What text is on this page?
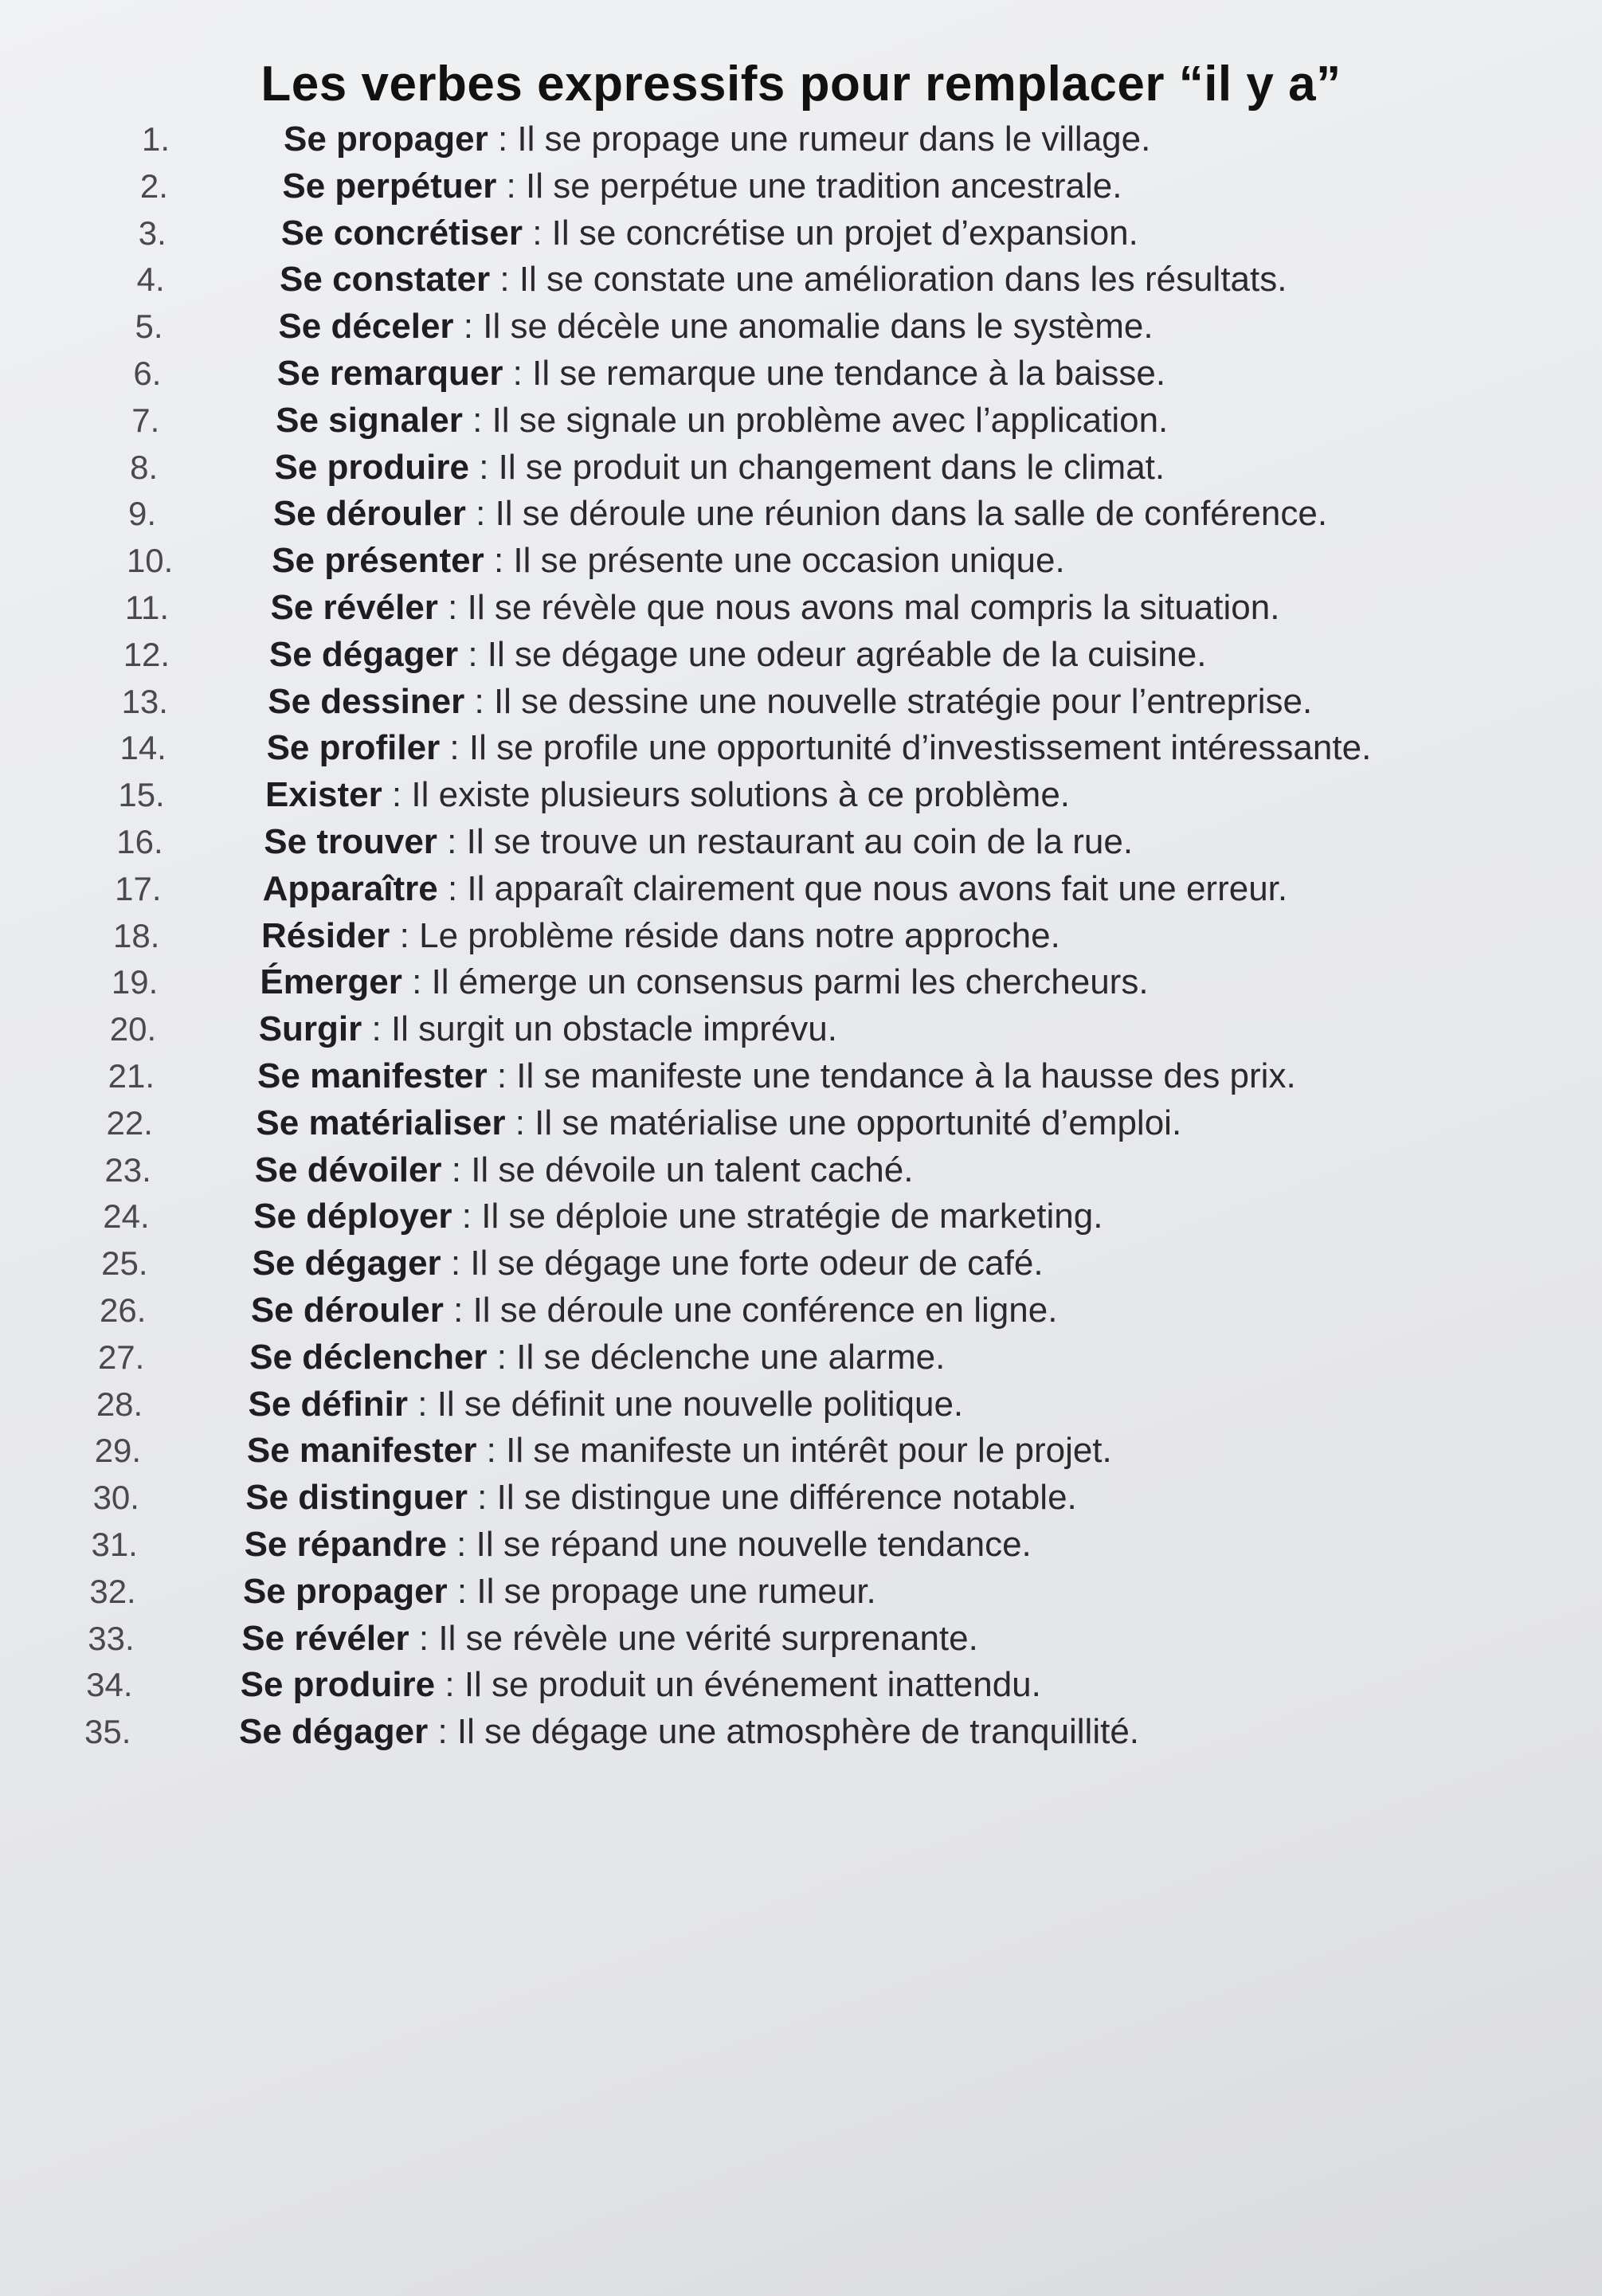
Les verbes expressifs pour remplacer “il y a”
1.	Se propager : Il se propage une rumeur dans le village.
2.	Se perpétuer : Il se perpétue une tradition ancestrale.
3.	Se concrétiser : Il se concrétise un projet d’expansion.
4.	Se constater : Il se constate une amélioration dans les résultats.
5.	Se déceler : Il se décèle une anomalie dans le système.
6.	Se remarquer : Il se remarque une tendance à la baisse.
7.	Se signaler : Il se signale un problème avec l’application.
8.	Se produire : Il se produit un changement dans le climat.
9.	Se dérouler : Il se déroule une réunion dans la salle de conférence.
10.	Se présenter : Il se présente une occasion unique.
11.	Se révéler : Il se révèle que nous avons mal compris la situation.
12.	Se dégager : Il se dégage une odeur agréable de la cuisine.
13.	Se dessiner : Il se dessine une nouvelle stratégie pour l’entreprise.
14.	Se profiler : Il se profile une opportunité d’investissement intéressante.
15.	Exister : Il existe plusieurs solutions à ce problème.
16.	Se trouver : Il se trouve un restaurant au coin de la rue.
17.	Apparaître : Il apparaît clairement que nous avons fait une erreur.
18.	Résider : Le problème réside dans notre approche.
19.	Émerger : Il émerge un consensus parmi les chercheurs.
20.	Surgir : Il surgit un obstacle imprévu.
21.	Se manifester : Il se manifeste une tendance à la hausse des prix.
22.	Se matérialiser : Il se matérialise une opportunité d’emploi.
23.	Se dévoiler : Il se dévoile un talent caché.
24.	Se déployer : Il se déploie une stratégie de marketing.
25.	Se dégager : Il se dégage une forte odeur de café.
26.	Se dérouler : Il se déroule une conférence en ligne.
27.	Se déclencher : Il se déclenche une alarme.
28.	Se définir : Il se définit une nouvelle politique.
29.	Se manifester : Il se manifeste un intérêt pour le projet.
30.	Se distinguer : Il se distingue une différence notable.
31.	Se répandre : Il se répand une nouvelle tendance.
32.	Se propager : Il se propage une rumeur.
33.	Se révéler : Il se révèle une vérité surprenante.
34.	Se produire : Il se produit un événement inattendu.
35.	Se dégager : Il se dégage une atmosphère de tranquillité.
